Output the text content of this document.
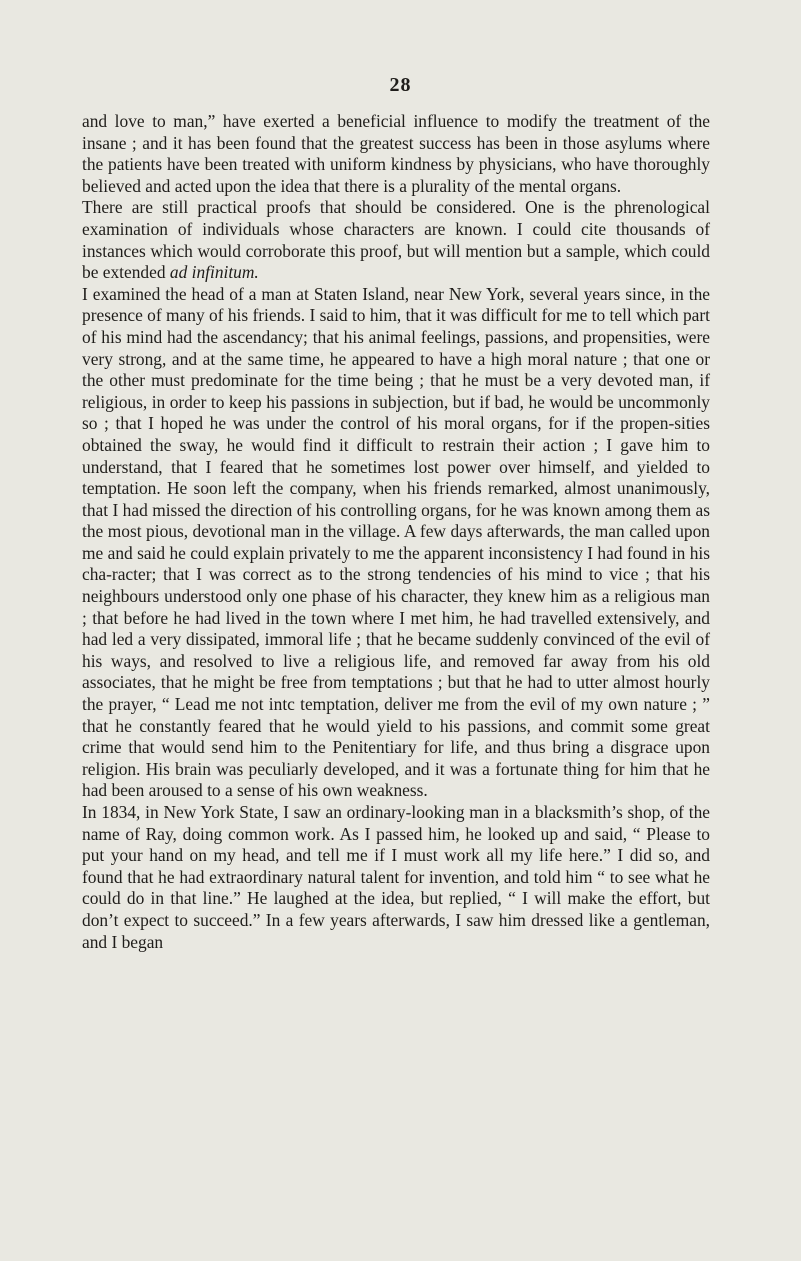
28

and love to man,” have exerted a beneficial influence to modify the treatment of the insane ; and it has been found that the greatest success has been in those asylums where the patients have been treated with uniform kindness by physicians, who have thoroughly believed and acted upon the idea that there is a plurality of the mental organs.

There are still practical proofs that should be considered. One is the phrenological examination of individuals whose characters are known. I could cite thousands of instances which would corroborate this proof, but will mention but a sample, which could be extended ad infinitum.

I examined the head of a man at Staten Island, near New York, several years since, in the presence of many of his friends. I said to him, that it was difficult for me to tell which part of his mind had the ascendancy; that his animal feelings, passions, and propensities, were very strong, and at the same time, he appeared to have a high moral nature ; that one or the other must predominate for the time being ; that he must be a very devoted man, if religious, in order to keep his passions in subjection, but if bad, he would be uncommonly so ; that I hoped he was under the control of his moral organs, for if the propen-sities obtained the sway, he would find it difficult to restrain their action ; I gave him to understand, that I feared that he sometimes lost power over himself, and yielded to temptation. He soon left the company, when his friends remarked, almost unanimously, that I had missed the direction of his controlling organs, for he was known among them as the most pious, devotional man in the village. A few days afterwards, the man called upon me and said he could explain privately to me the apparent inconsistency I had found in his cha-racter; that I was correct as to the strong tendencies of his mind to vice ; that his neighbours understood only one phase of his character, they knew him as a religious man ; that before he had lived in the town where I met him, he had travelled extensively, and had led a very dissipated, immoral life ; that he became suddenly convinced of the evil of his ways, and resolved to live a religious life, and removed far away from his old associates, that he might be free from temptations ; but that he had to utter almost hourly the prayer, “ Lead me not intc temptation, deliver me from the evil of my own nature ; ” that he constantly feared that he would yield to his passions, and commit some great crime that would send him to the Penitentiary for life, and thus bring a disgrace upon religion. His brain was peculiarly developed, and it was a fortunate thing for him that he had been aroused to a sense of his own weakness.

In 1834, in New York State, I saw an ordinary-looking man in a blacksmith’s shop, of the name of Ray, doing common work. As I passed him, he looked up and said, “ Please to put your hand on my head, and tell me if I must work all my life here.” I did so, and found that he had extraordinary natural talent for invention, and told him “ to see what he could do in that line.” He laughed at the idea, but replied, “ I will make the effort, but don’t expect to succeed.” In a few years afterwards, I saw him dressed like a gentleman, and I began
